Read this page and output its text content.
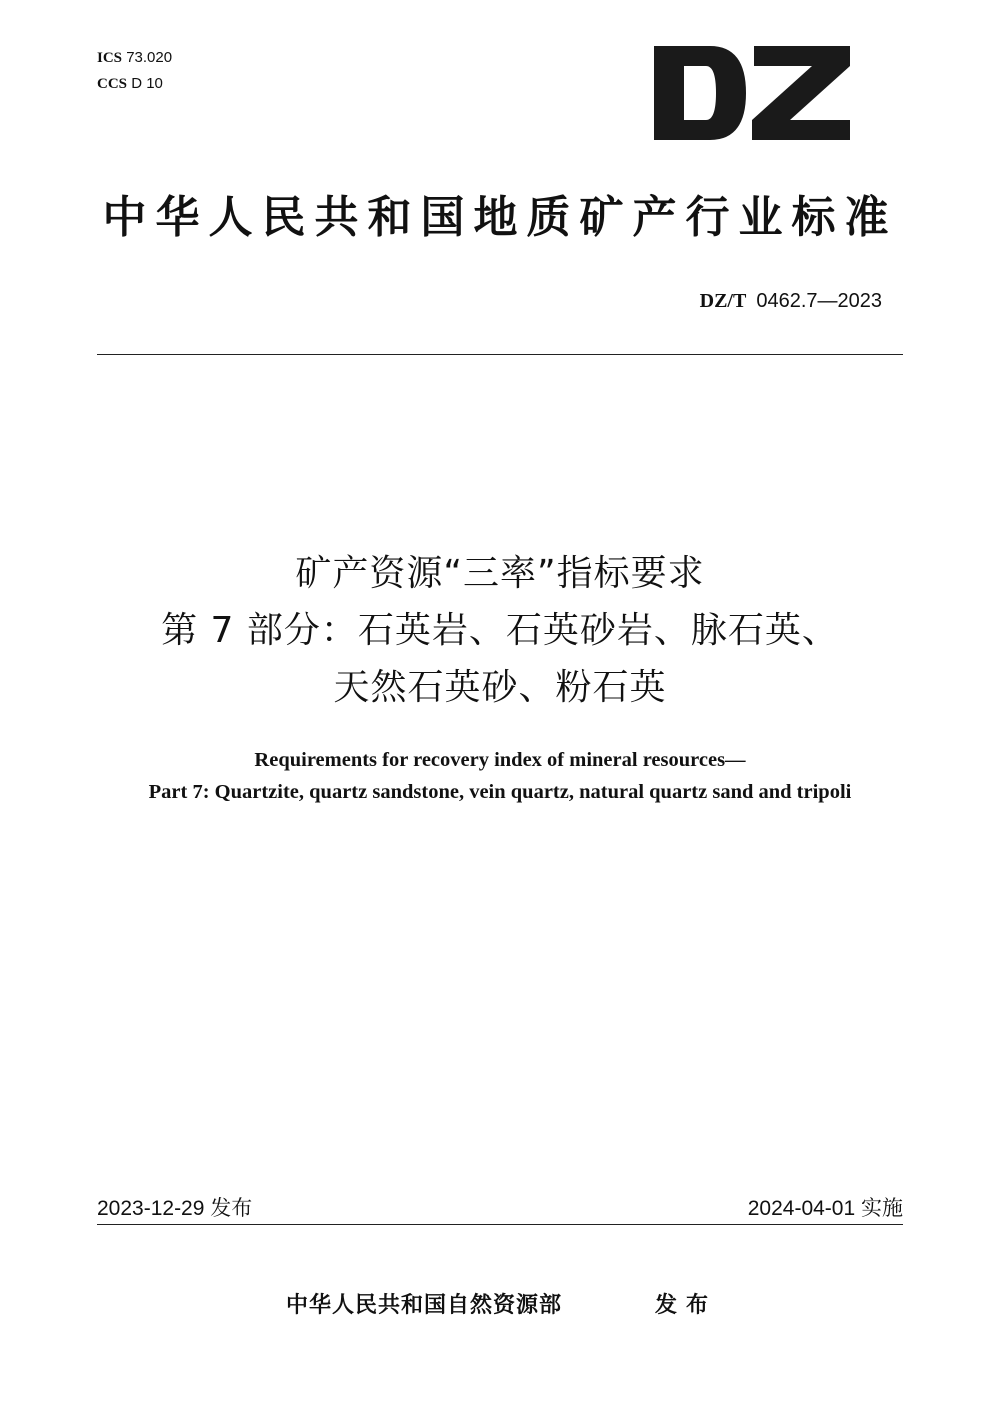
ICS 73.020
CCS D 10
中华人民共和国地质矿产行业标准
DZ/T 0462.7—2023
矿产资源“三率”指标要求
第 7 部分：石英岩、石英砂岩、脉石英、
天然石英砂、粉石英
Requirements for recovery index of mineral resources—
Part 7: Quartzite, quartz sandstone, vein quartz, natural quartz sand and tripoli
2023-12-29 发布	2024-04-01 实施
中华人民共和国自然资源部	发布
